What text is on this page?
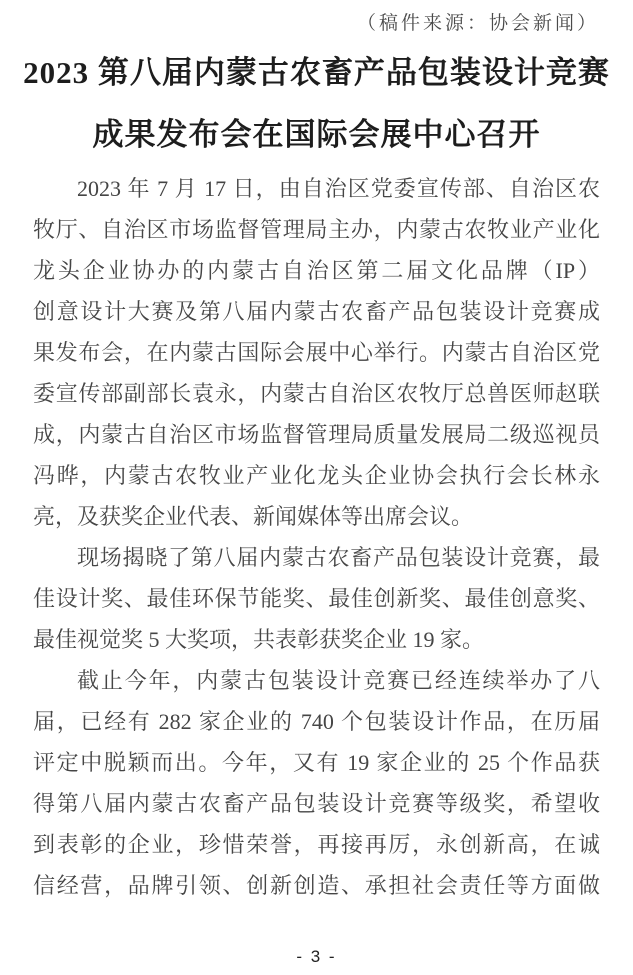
（稿件来源：协会新闻）
2023 第八届内蒙古农畜产品包装设计竞赛
成果发布会在国际会展中心召开
2023 年 7 月 17 日，由自治区党委宣传部、自治区农
牧厅、自治区市场监督管理局主办，内蒙古农牧业产业化
龙头企业协办的内蒙古自治区第二届文化品牌（IP）
创意设计大赛及第八届内蒙古农畜产品包装设计竞赛成
果发布会，在内蒙古国际会展中心举行。内蒙古自治区党
委宣传部副部长袁永，内蒙古自治区农牧厅总兽医师赵联
成，内蒙古自治区市场监督管理局质量发展局二级巡视员
冯晔，内蒙古农牧业产业化龙头企业协会执行会长林永
亮，及获奖企业代表、新闻媒体等出席会议。
现场揭晓了第八届内蒙古农畜产品包装设计竞赛，最
佳设计奖、最佳环保节能奖、最佳创新奖、最佳创意奖、
最佳视觉奖 5 大奖项，共表彰获奖企业 19 家。
截止今年，内蒙古包装设计竞赛已经连续举办了八
届，已经有 282 家企业的 740 个包装设计作品，在历届
评定中脱颖而出。今年，又有 19 家企业的 25 个作品获
得第八届内蒙古农畜产品包装设计竞赛等级奖，希望收
到表彰的企业，珍惜荣誉，再接再厉，永创新高，在诚
信经营，品牌引领、创新创造、承担社会责任等方面做
- 3 -
